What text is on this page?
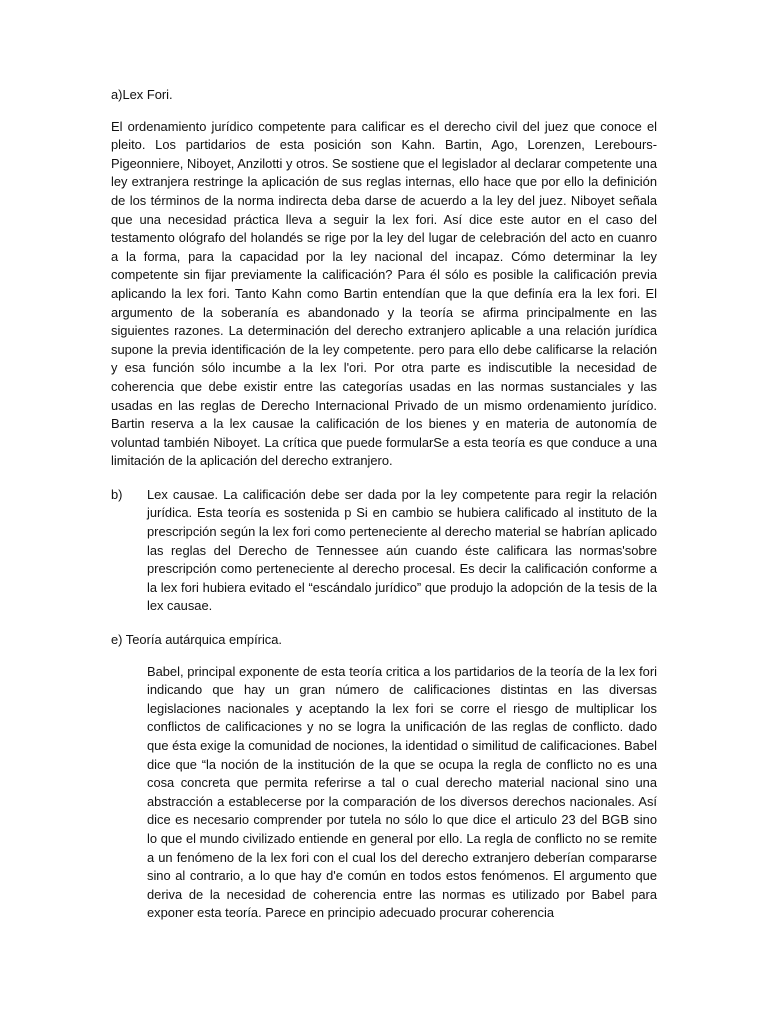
a)Lex Fori.

El ordenamiento jurídico competente para calificar es el derecho civil del juez que conoce el pleito. Los partidarios de esta posición son Kahn. Bartin, Ago, Lorenzen, Lerebours-Pigeonniere, Niboyet, Anzilotti y otros. Se sostiene que el legislador al declarar competente una ley extranjera restringe la aplicación de sus reglas internas, ello hace que por ello la definición de los términos de la norma indirecta deba darse de acuerdo a la ley del juez. Niboyet señala que una necesidad práctica lleva a seguir la lex fori. Así dice este autor en el caso del testamento ológrafo del holandés se rige por la ley del lugar de celebración del acto en cuanro a la forma, para la capacidad por la ley nacional del incapaz. Cómo determinar la ley competente sin fijar previamente la calificación? Para él sólo es posible la calificación previa aplicando la lex fori. Tanto Kahn como Bartin entendían que la que definía era la lex fori. El argumento de la soberanía es abandonado y la teoría se afirma principalmente en las siguientes razones. La determinación del derecho extranjero aplicable a una relación jurídica supone la previa identificación de la ley competente. pero para ello debe calificarse la relación y esa función sólo incumbe a la lex l'ori. Por otra parte es indiscutible la necesidad de coherencia que debe existir entre las categorías usadas en las normas sustanciales y las usadas en las reglas de Derecho Internacional Privado de un mismo ordenamiento jurídico. Bartin reserva a la lex causae la calificación de los bienes y en materia de autonomía de voluntad también Niboyet. La crítica que puede formularSe a esta teoría es que conduce a una limitación de la aplicación del derecho extranjero.

b)	Lex causae. La calificación debe ser dada por la ley competente para regir la relación jurídica. Esta teoría es sostenida p Si en cambio se hubiera calificado al instituto de la prescripción según la lex fori como perteneciente al derecho material se habrían aplicado las reglas del Derecho de Tennessee aún cuando éste calificara las normas'sobre prescripción como perteneciente al derecho procesal. Es decir la calificación conforme a la lex fori hubiera evitado el “escándalo jurídico” que produjo la adopción de la tesis de la lex causae.
e) Teoría autárquica empírica.

Babel, principal exponente de esta teoría critica a los partidarios de la teoría de la lex fori indicando que hay un gran número de calificaciones distintas en las diversas legislaciones nacionales y aceptando la lex fori se corre el riesgo de multiplicar los conflictos de calificaciones y no se logra la unificación de las reglas de conflicto. dado que ésta exige la comunidad de nociones, la identidad o similitud de calificaciones. Babel dice que “la noción de la institución de la que se ocupa la regla de conflicto no es una cosa concreta que permita referirse a tal o cual derecho material nacional sino una abstracción a establecerse por la comparación de los diversos derechos nacionales. Así dice es necesario comprender por tutela no sólo lo que dice el articulo 23 del BGB sino lo que el mundo civilizado entiende en general por ello. La regla de conflicto no se remite a un fenómeno de la lex fori con el cual los del derecho extranjero deberían compararse sino al contrario, a lo que hay d'e común en todos estos fenómenos. El argumento que deriva de la necesidad de coherencia entre las normas es utilizado por Babel para exponer esta teoría. Parece en principio adecuado procurar coherencia
